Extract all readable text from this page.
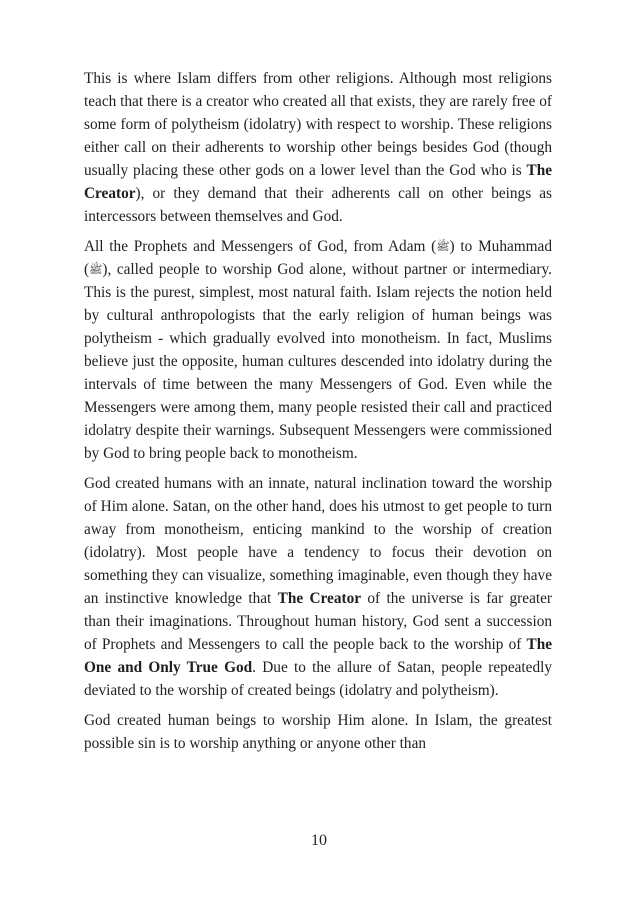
This is where Islam differs from other religions. Although most religions teach that there is a creator who created all that exists, they are rarely free of some form of polytheism (idolatry) with respect to worship. These religions either call on their adherents to worship other beings besides God (though usually placing these other gods on a lower level than the God who is The Creator), or they demand that their adherents call on other beings as intercessors between themselves and God.

All the Prophets and Messengers of God, from Adam (ﷺ) to Muhammad (ﷺ), called people to worship God alone, without partner or intermediary. This is the purest, simplest, most natural faith. Islam rejects the notion held by cultural anthropologists that the early religion of human beings was polytheism - which gradually evolved into monotheism. In fact, Muslims believe just the opposite, human cultures descended into idolatry during the intervals of time between the many Messengers of God. Even while the Messengers were among them, many people resisted their call and practiced idolatry despite their warnings. Subsequent Messengers were commissioned by God to bring people back to monotheism.

God created humans with an innate, natural inclination toward the worship of Him alone. Satan, on the other hand, does his utmost to get people to turn away from monotheism, enticing mankind to the worship of creation (idolatry). Most people have a tendency to focus their devotion on something they can visualize, something imaginable, even though they have an instinctive knowledge that The Creator of the universe is far greater than their imaginations. Throughout human history, God sent a succession of Prophets and Messengers to call the people back to the worship of The One and Only True God. Due to the allure of Satan, people repeatedly deviated to the worship of created beings (idolatry and polytheism).

God created human beings to worship Him alone. In Islam, the greatest possible sin is to worship anything or anyone other than

10
